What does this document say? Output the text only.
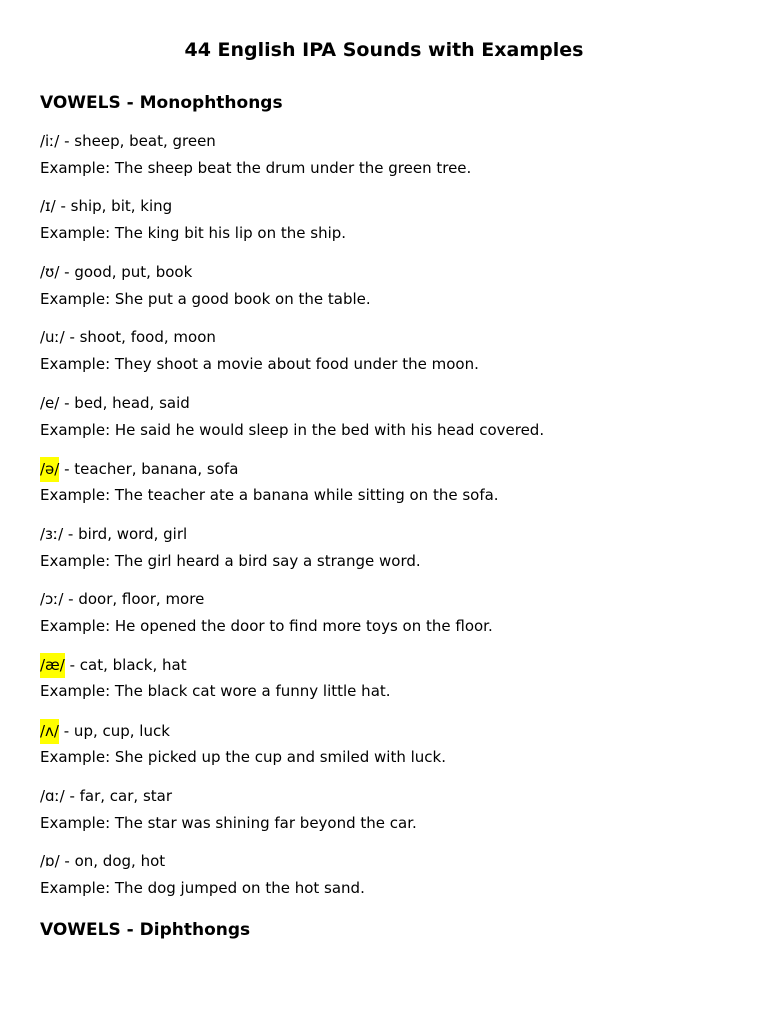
44 English IPA Sounds with Examples
VOWELS - Monophthongs

/iː/ - sheep, beat, green

Example: The sheep beat the drum under the green tree.

/ɪ/ - ship, bit, king

Example: The king bit his lip on the ship.

/ʊ/ - good, put, book

Example: She put a good book on the table.

/uː/ - shoot, food, moon

Example: They shoot a movie about food under the moon.

/e/ - bed, head, said

Example: He said he would sleep in the bed with his head covered.

/ə/ - teacher, banana, sofa

Example: The teacher ate a banana while sitting on the sofa.

/ɜː/ - bird, word, girl

Example: The girl heard a bird say a strange word.

/ɔː/ - door, floor, more

Example: He opened the door to find more toys on the floor.

/æ/ - cat, black, hat

Example: The black cat wore a funny little hat.

/ʌ/ - up, cup, luck

Example: She picked up the cup and smiled with luck.

/ɑː/ - far, car, star

Example: The star was shining far beyond the car.

/ɒ/ - on, dog, hot

Example: The dog jumped on the hot sand.

VOWELS - Diphthongs
